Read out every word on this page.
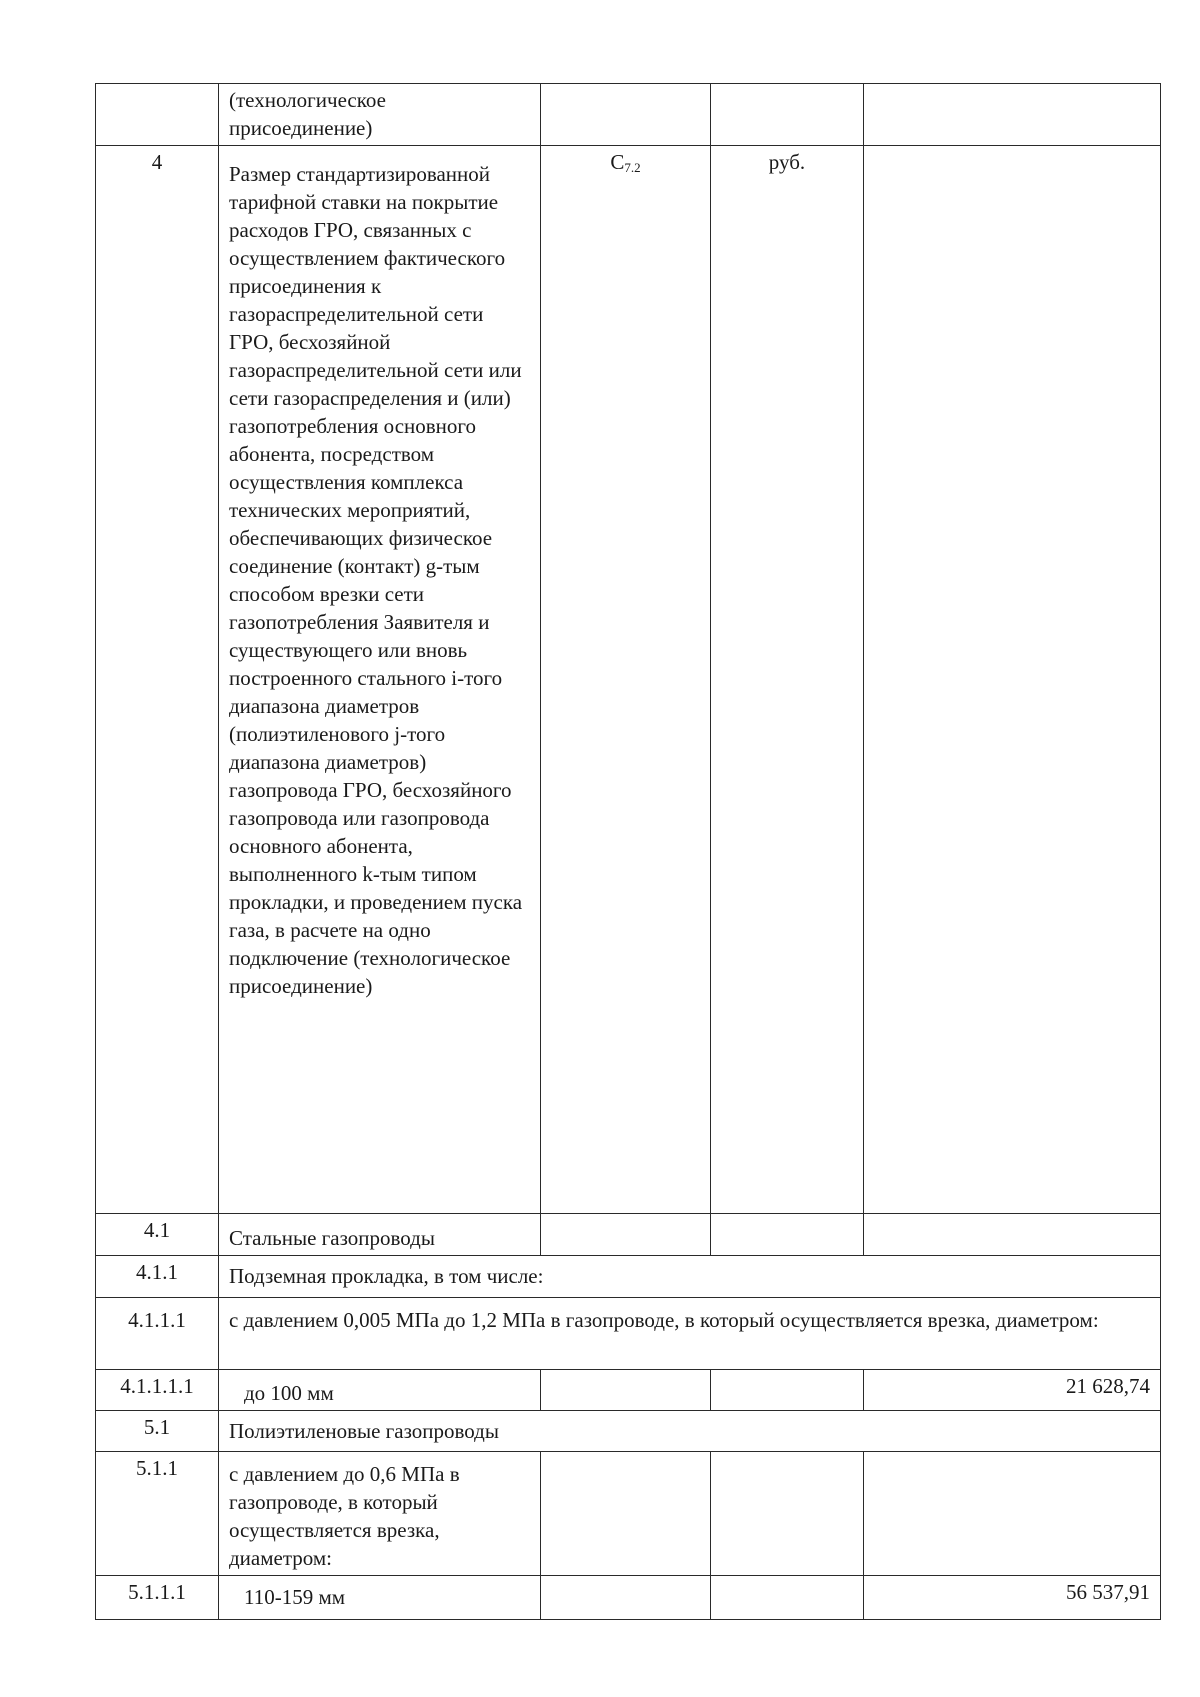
	(технологическое присоединение)			
4	Размер стандартизированной тарифной ставки на покрытие расходов ГРО, связанных с осуществлением фактического присоединения к газораспределительной сети ГРО, бесхозяйной газораспределительной сети или сети газораспределения и (или) газопотребления основного абонента, посредством осуществления комплекса технических мероприятий, обеспечивающих физическое соединение (контакт) g-тым способом врезки сети газопотребления Заявителя и существующего или вновь построенного стального i-того диапазона диаметров (полиэтиленового j-того диапазона диаметров) газопровода ГРО, бесхозяйного газопровода или газопровода основного абонента, выполненного k-тым типом прокладки, и проведением пуска газа, в расчете на одно подключение (технологическое присоединение)	C7.2	руб.	
4.1	Стальные газопроводы			
4.1.1	Подземная прокладка, в том числе:			
4.1.1.1	с давлением 0,005 МПа до 1,2 МПа в газопроводе, в который осуществляется врезка, диаметром:			
4.1.1.1.1	до 100 мм			21 628,74
5.1	Полиэтиленовые газопроводы			
5.1.1	с давлением до 0,6 МПа в газопроводе, в который осуществляется врезка, диаметром:			
5.1.1.1	110-159 мм			56 537,91
